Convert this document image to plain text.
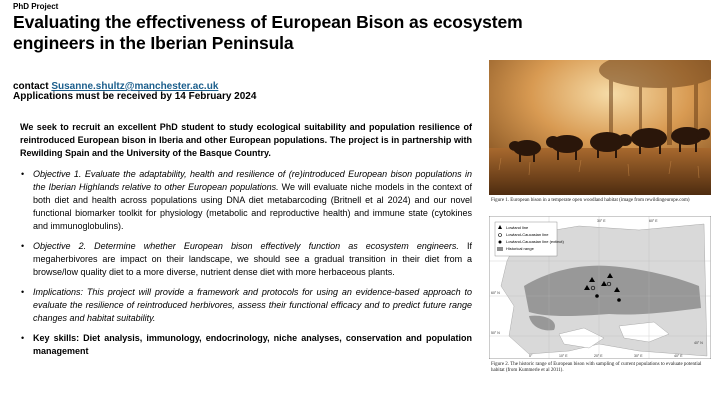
PhD Project
Evaluating the effectiveness of European Bison as ecosystem engineers in the Iberian Peninsula
contact Susanne.shultz@manchester.ac.uk
Applications must be received by 14 February 2024

We seek to recruit an excellent PhD student to study ecological suitability and population resilience of reintroduced European bison in Iberia and other European populations. The project is in partnership with Rewilding Spain and the University of the Basque Country.

• Objective 1. Evaluate the adaptability, health and resilience of (re)introduced European bison populations in the Iberian Highlands relative to other European populations. We will evaluate niche models in the context of both diet and health across populations using DNA diet metabarcoding (Britnell et al 2024) and our novel functional biomarker toolkit for physiology (metabolic and reproductive health) and immune state (cytokines and immunoglobulins).
• Objective 2. Determine whether European bison effectively function as ecosystem engineers. If megaherbivores are impact on their landscape, we should see a gradual transition in their diet from a browse/low quality diet to a more diverse, nutrient dense diet with more herbaceous plants.
• Implications: This project will provide a framework and protocols for using an evidence-based approach to evaluate the resilience of reintroduced herbivores, assess their functional efficacy and to predict future range changes and habitat suitability.
• Key skills: Diet analysis, immunology, endocrinology, niche analyses, conservation and population management
Figure 1. European bison in a temperate open woodland habitat (image from rewildingeurope.com)
Lowland line
Lowland-Caucasian line
Lowland-Caucasian line (extinct)
Historical range
30° E	60° E
0°	10° E	20° E	30° E	40° E
60° N
50° N
40° N
Figure 2. The historic range of European bison with sampling of current populations to evaluate potential habitat (from Kummerle et al 2011).
